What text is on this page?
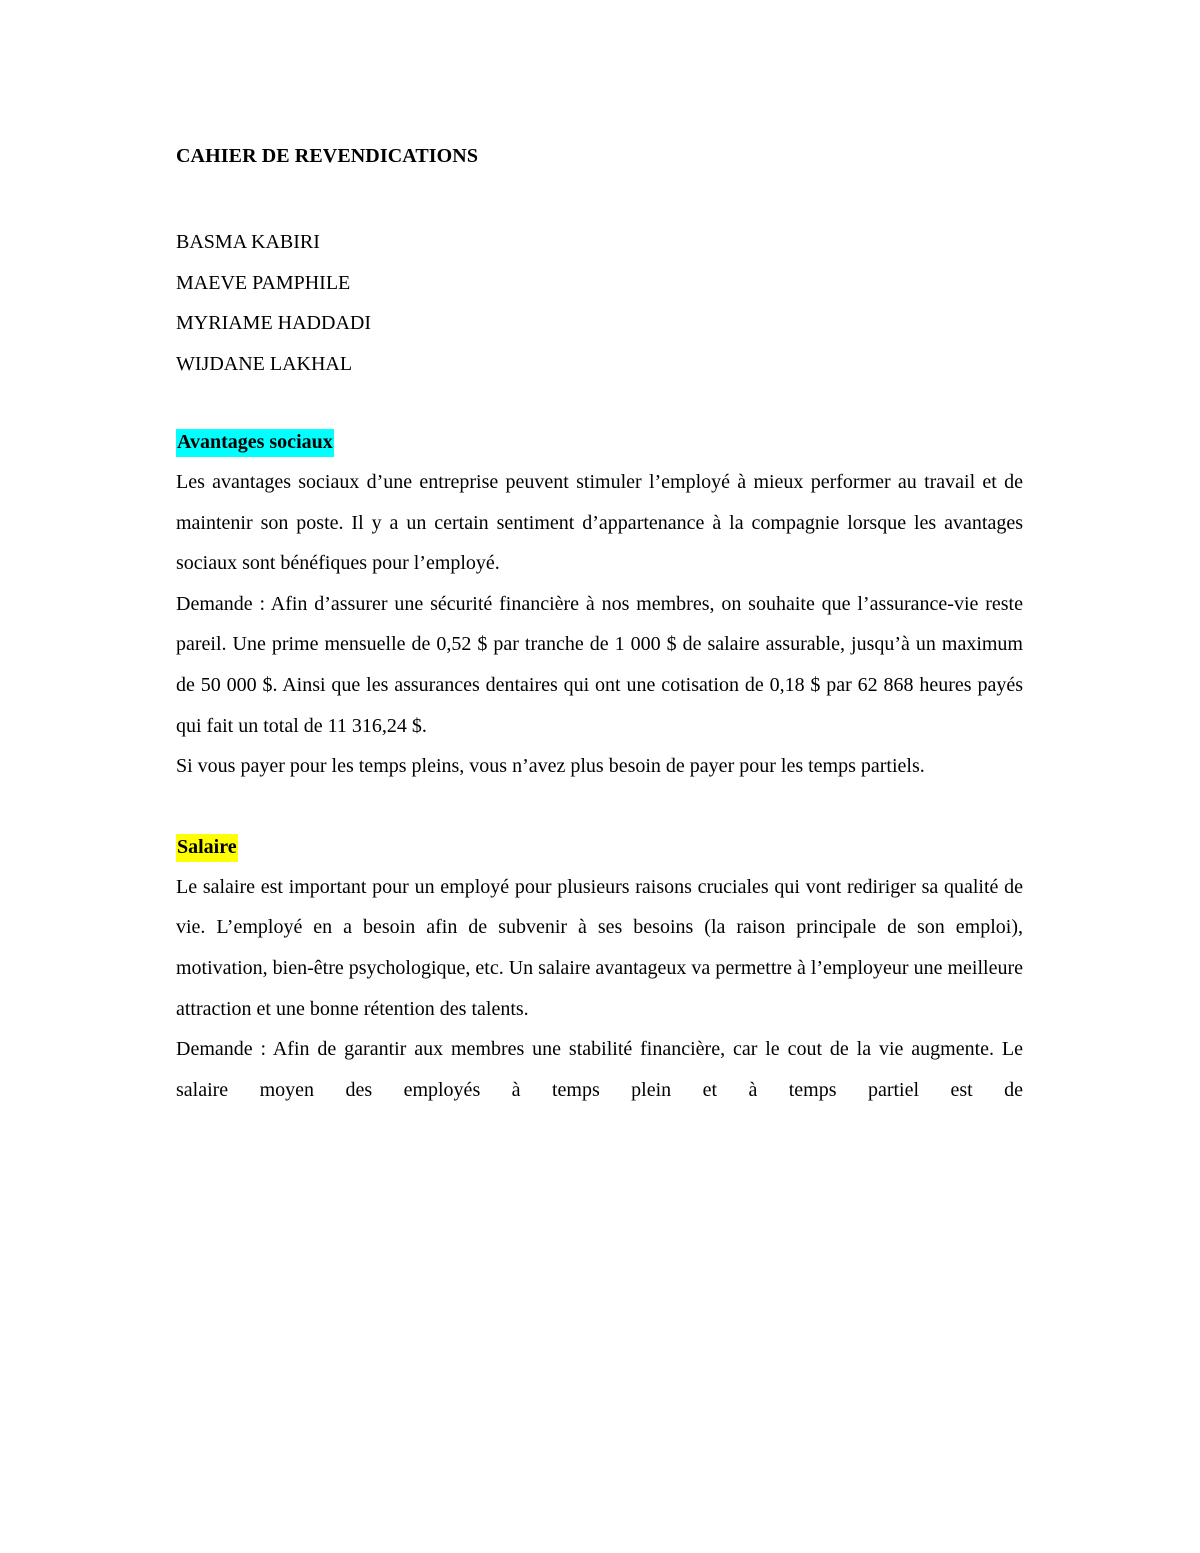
CAHIER DE REVENDICATIONS
BASMA KABIRI
MAEVE PAMPHILE
MYRIAME HADDADI
WIJDANE LAKHAL
Avantages sociaux

Les avantages sociaux d’une entreprise peuvent stimuler l’employé à mieux performer au travail et de maintenir son poste. Il y a un certain sentiment d’appartenance à la compagnie lorsque les avantages sociaux sont bénéfiques pour l’employé.

Demande : Afin d’assurer une sécurité financière à nos membres, on souhaite que l’assurance-vie reste pareil. Une prime mensuelle de 0,52 $ par tranche de 1 000 $ de salaire assurable, jusqu’à un maximum de 50 000 $. Ainsi que les assurances dentaires qui ont une cotisation de 0,18 $ par 62 868 heures payés qui fait un total de 11 316,24 $.

Si vous payer pour les temps pleins, vous n’avez plus besoin de payer pour les temps partiels.

Salaire

Le salaire est important pour un employé pour plusieurs raisons cruciales qui vont rediriger sa qualité de vie. L’employé en a besoin afin de subvenir à ses besoins (la raison principale de son emploi), motivation, bien-être psychologique, etc. Un salaire avantageux va permettre à l’employeur une meilleure attraction et une bonne rétention des talents.

Demande : Afin de garantir aux membres une stabilité financière, car le cout de la vie augmente. Le salaire moyen des employés à temps plein et à temps partiel est de
